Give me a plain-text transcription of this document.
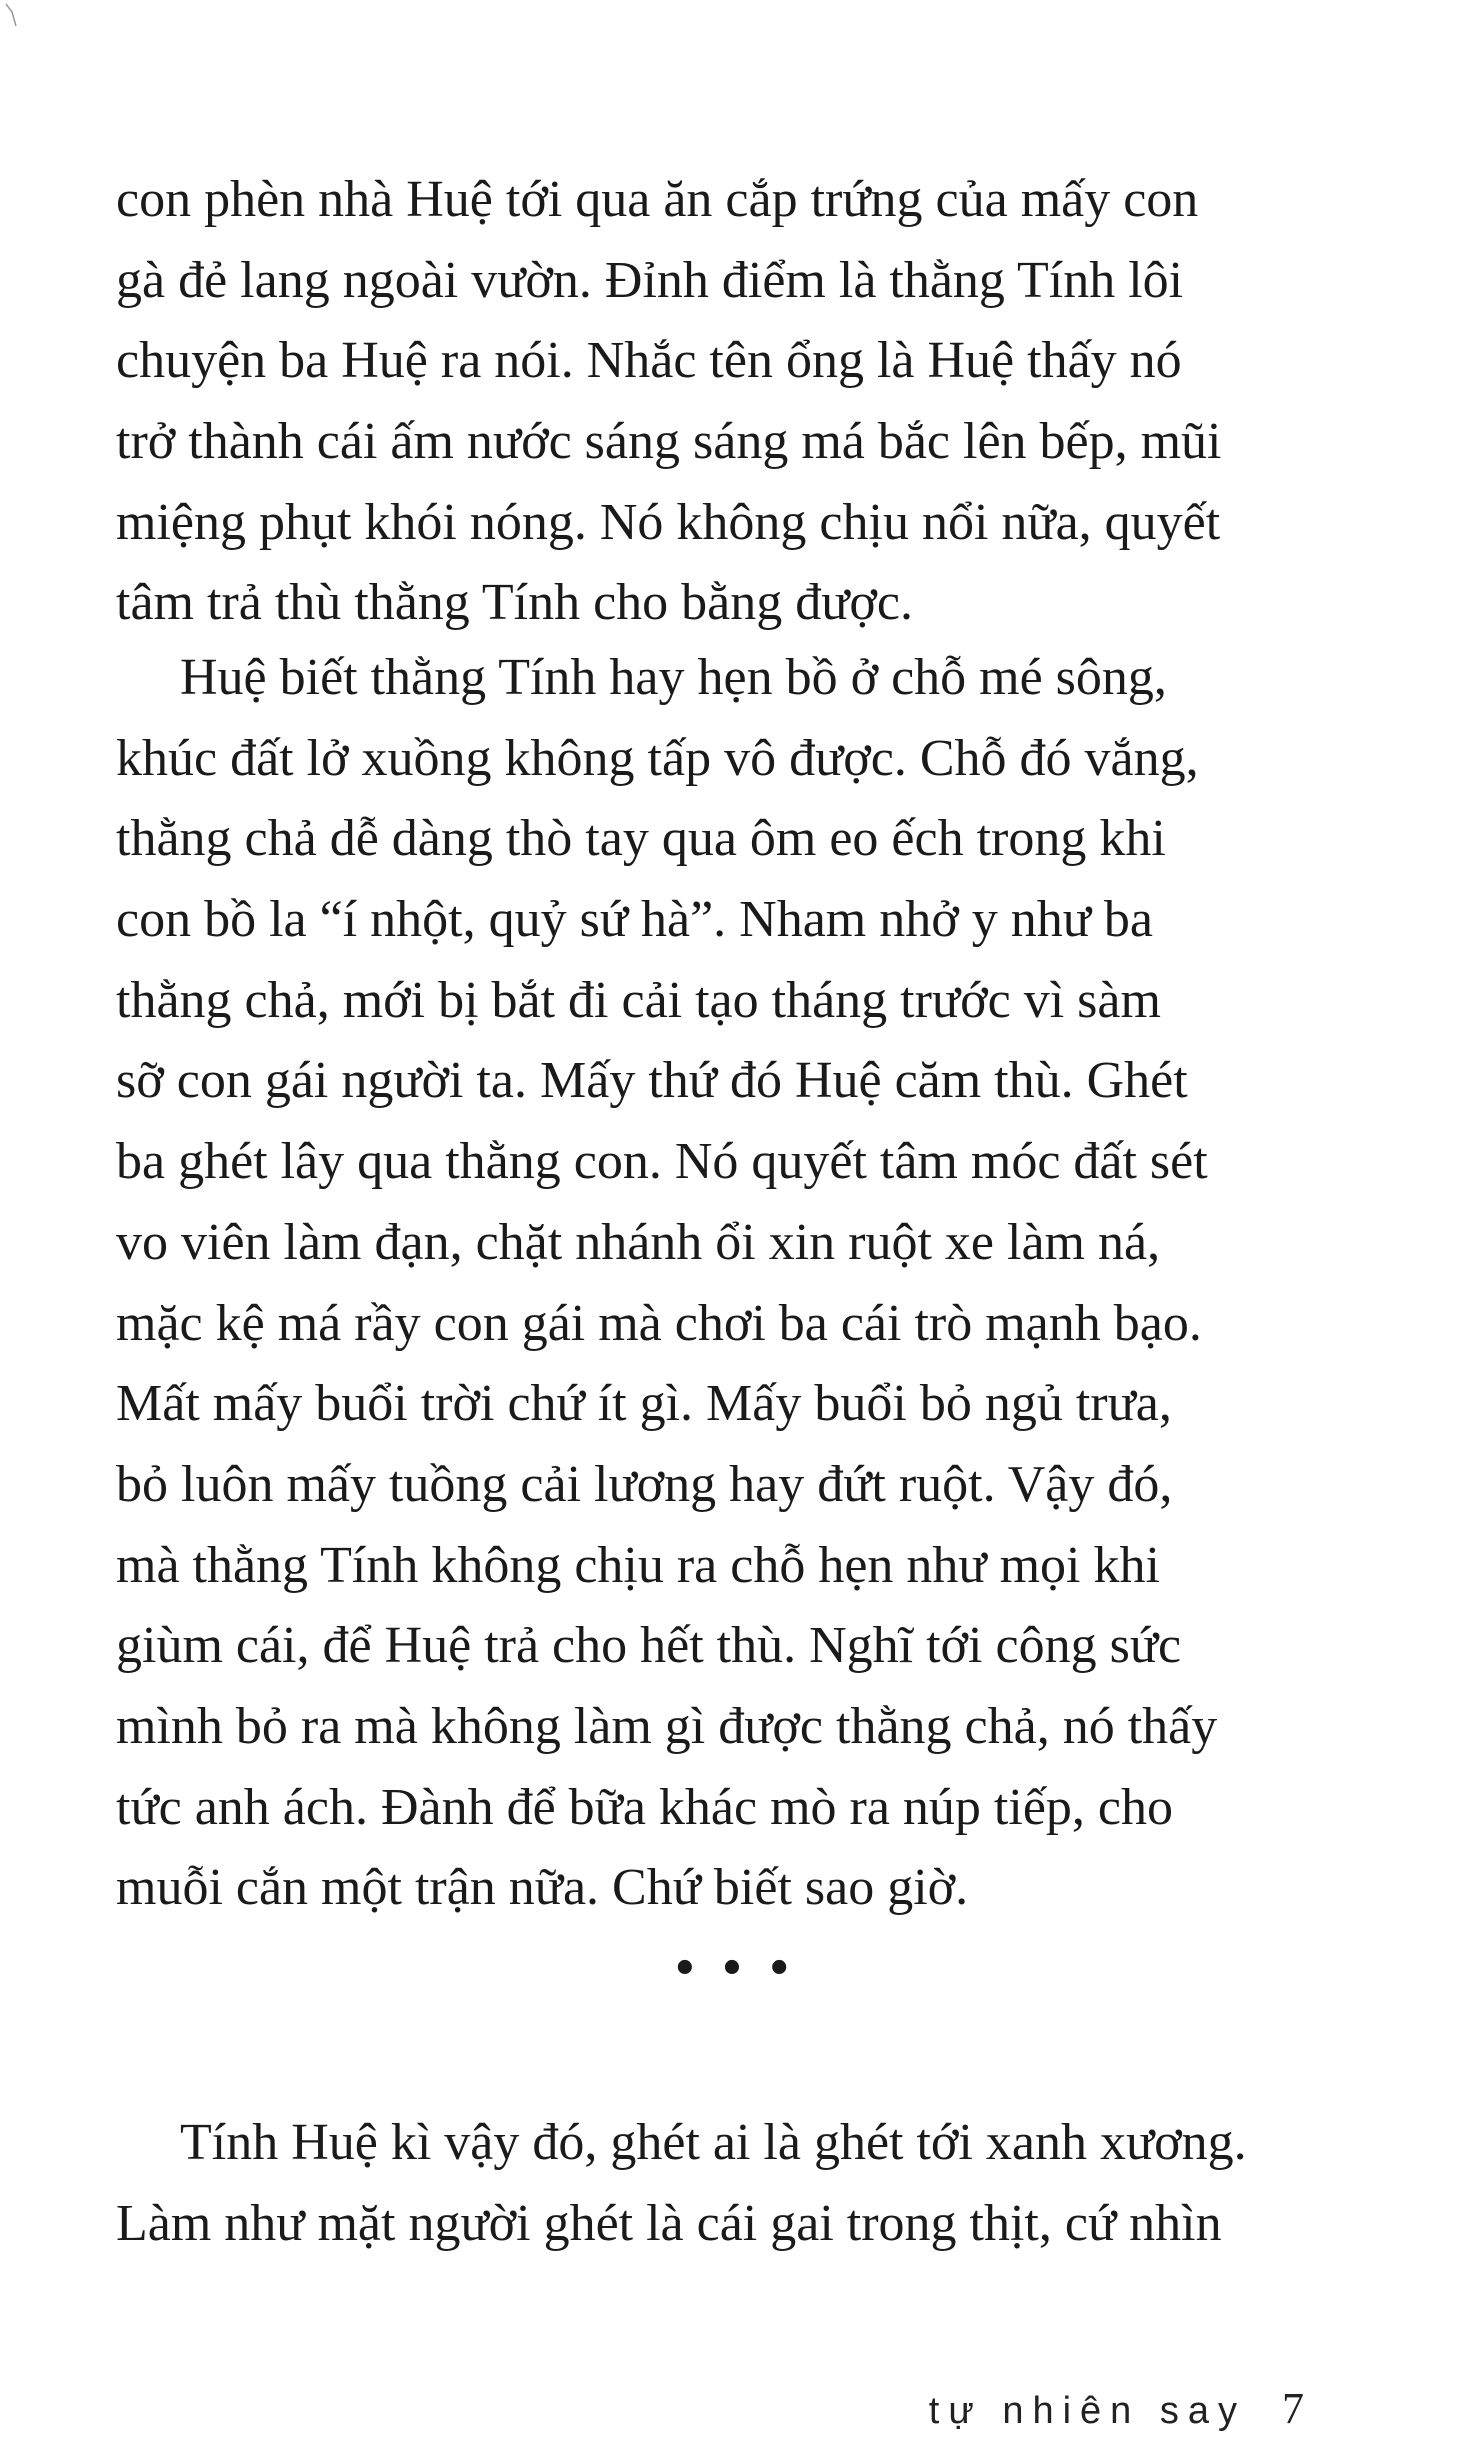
con phèn nhà Huệ tới qua ăn cắp trứng của mấy con
gà đẻ lang ngoài vườn. Đỉnh điểm là thằng Tính lôi
chuyện ba Huệ ra nói. Nhắc tên ổng là Huệ thấy nó
trở thành cái ấm nước sáng sáng má bắc lên bếp, mũi
miệng phụt khói nóng. Nó không chịu nổi nữa, quyết
tâm trả thù thằng Tính cho bằng được.
Huệ biết thằng Tính hay hẹn bồ ở chỗ mé sông,
khúc đất lở xuồng không tấp vô được. Chỗ đó vắng,
thằng chả dễ dàng thò tay qua ôm eo ếch trong khi
con bồ la “í nhột, quỷ sứ hà”. Nham nhở y như ba
thằng chả, mới bị bắt đi cải tạo tháng trước vì sàm
sỡ con gái người ta. Mấy thứ đó Huệ căm thù. Ghét
ba ghét lây qua thằng con. Nó quyết tâm móc đất sét
vo viên làm đạn, chặt nhánh ổi xin ruột xe làm ná,
mặc kệ má rầy con gái mà chơi ba cái trò mạnh bạo.
Mất mấy buổi trời chứ ít gì. Mấy buổi bỏ ngủ trưa,
bỏ luôn mấy tuồng cải lương hay đứt ruột. Vậy đó,
mà thằng Tính không chịu ra chỗ hẹn như mọi khi
giùm cái, để Huệ trả cho hết thù. Nghĩ tới công sức
mình bỏ ra mà không làm gì được thằng chả, nó thấy
tức anh ách. Đành để bữa khác mò ra núp tiếp, cho
muỗi cắn một trận nữa. Chứ biết sao giờ.
• • •
Tính Huệ kì vậy đó, ghét ai là ghét tới xanh xương.
Làm như mặt người ghét là cái gai trong thịt, cứ nhìn
tự nhiên say 7
